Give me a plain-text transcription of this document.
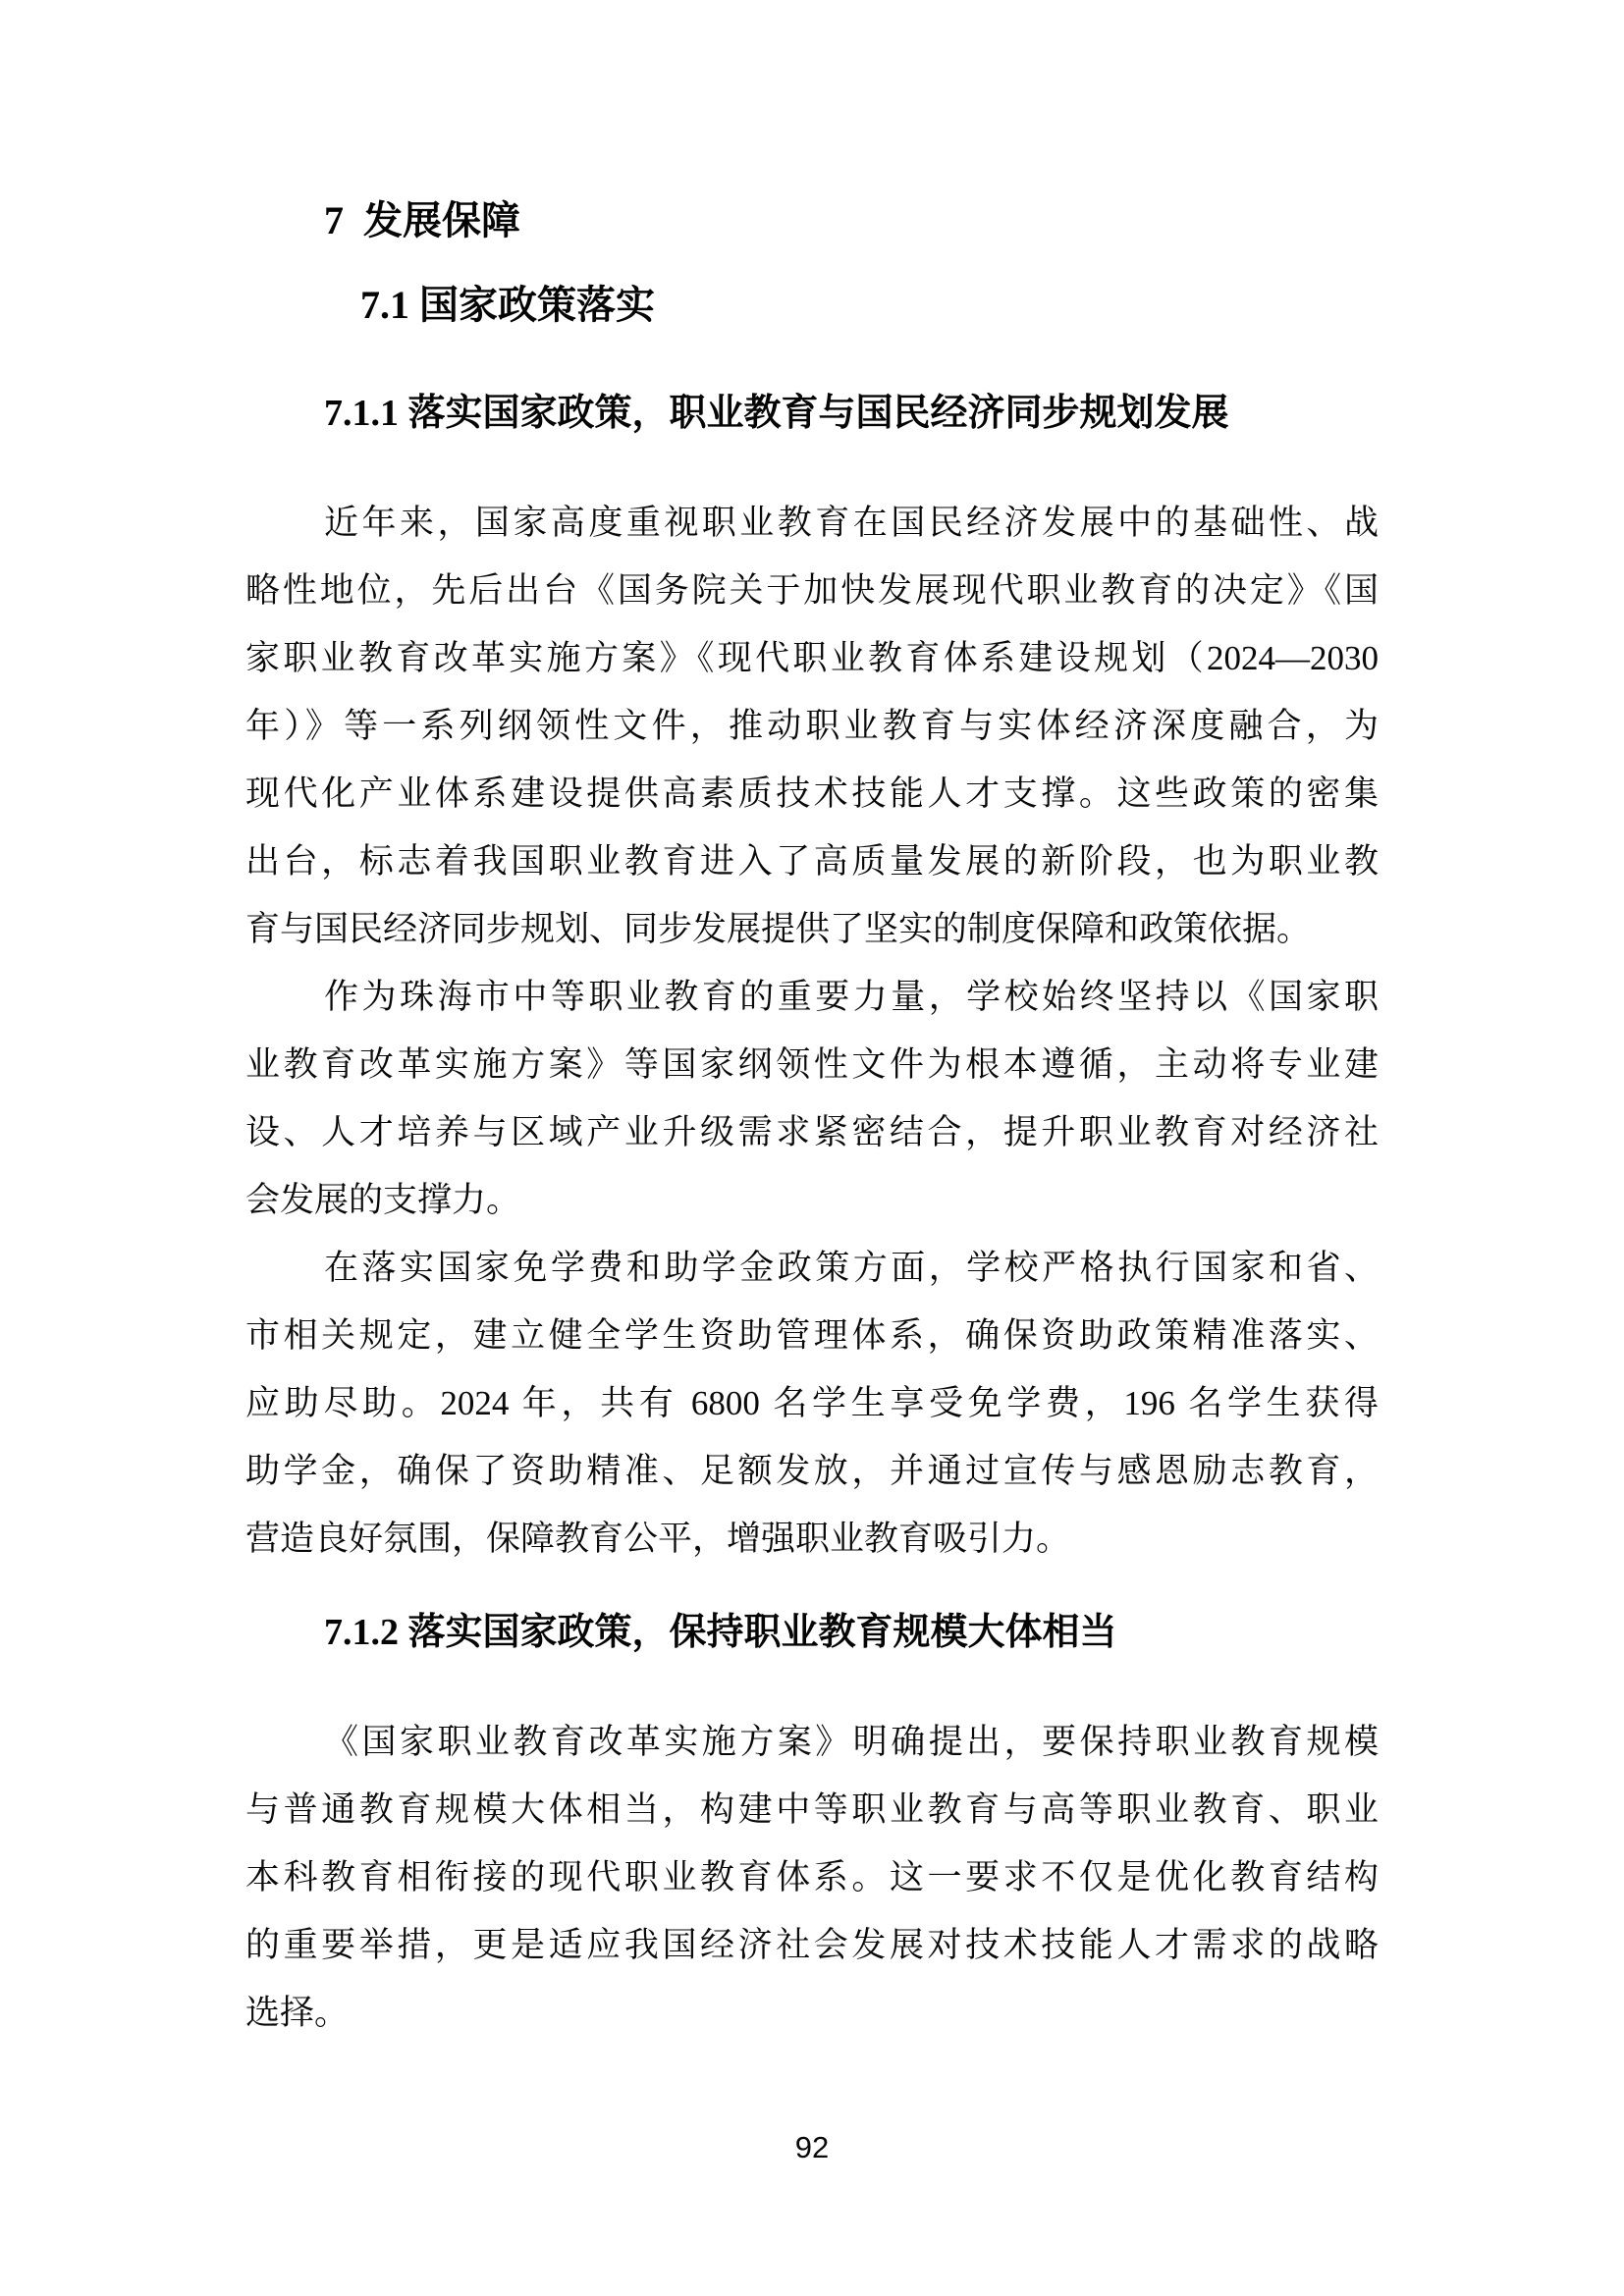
7  发展保障
7.1 国家政策落实
7.1.1 落实国家政策，职业教育与国民经济同步规划发展
近年来，国家高度重视职业教育在国民经济发展中的基础性、战
略性地位，先后出台《国务院关于加快发展现代职业教育的决定》《国
家职业教育改革实施方案》《现代职业教育体系建设规划（2024—2030
年）》等一系列纲领性文件，推动职业教育与实体经济深度融合，为
现代化产业体系建设提供高素质技术技能人才支撑。这些政策的密集
出台，标志着我国职业教育进入了高质量发展的新阶段，也为职业教
育与国民经济同步规划、同步发展提供了坚实的制度保障和政策依据。
作为珠海市中等职业教育的重要力量，学校始终坚持以《国家职
业教育改革实施方案》等国家纲领性文件为根本遵循，主动将专业建
设、人才培养与区域产业升级需求紧密结合，提升职业教育对经济社
会发展的支撑力。
在落实国家免学费和助学金政策方面，学校严格执行国家和省、
市相关规定，建立健全学生资助管理体系，确保资助政策精准落实、
应助尽助。2024 年，共有 6800 名学生享受免学费，196 名学生获得
助学金，确保了资助精准、足额发放，并通过宣传与感恩励志教育，
营造良好氛围，保障教育公平，增强职业教育吸引力。
7.1.2 落实国家政策，保持职业教育规模大体相当
《国家职业教育改革实施方案》明确提出，要保持职业教育规模
与普通教育规模大体相当，构建中等职业教育与高等职业教育、职业
本科教育相衔接的现代职业教育体系。这一要求不仅是优化教育结构
的重要举措，更是适应我国经济社会发展对技术技能人才需求的战略
选择。
92
